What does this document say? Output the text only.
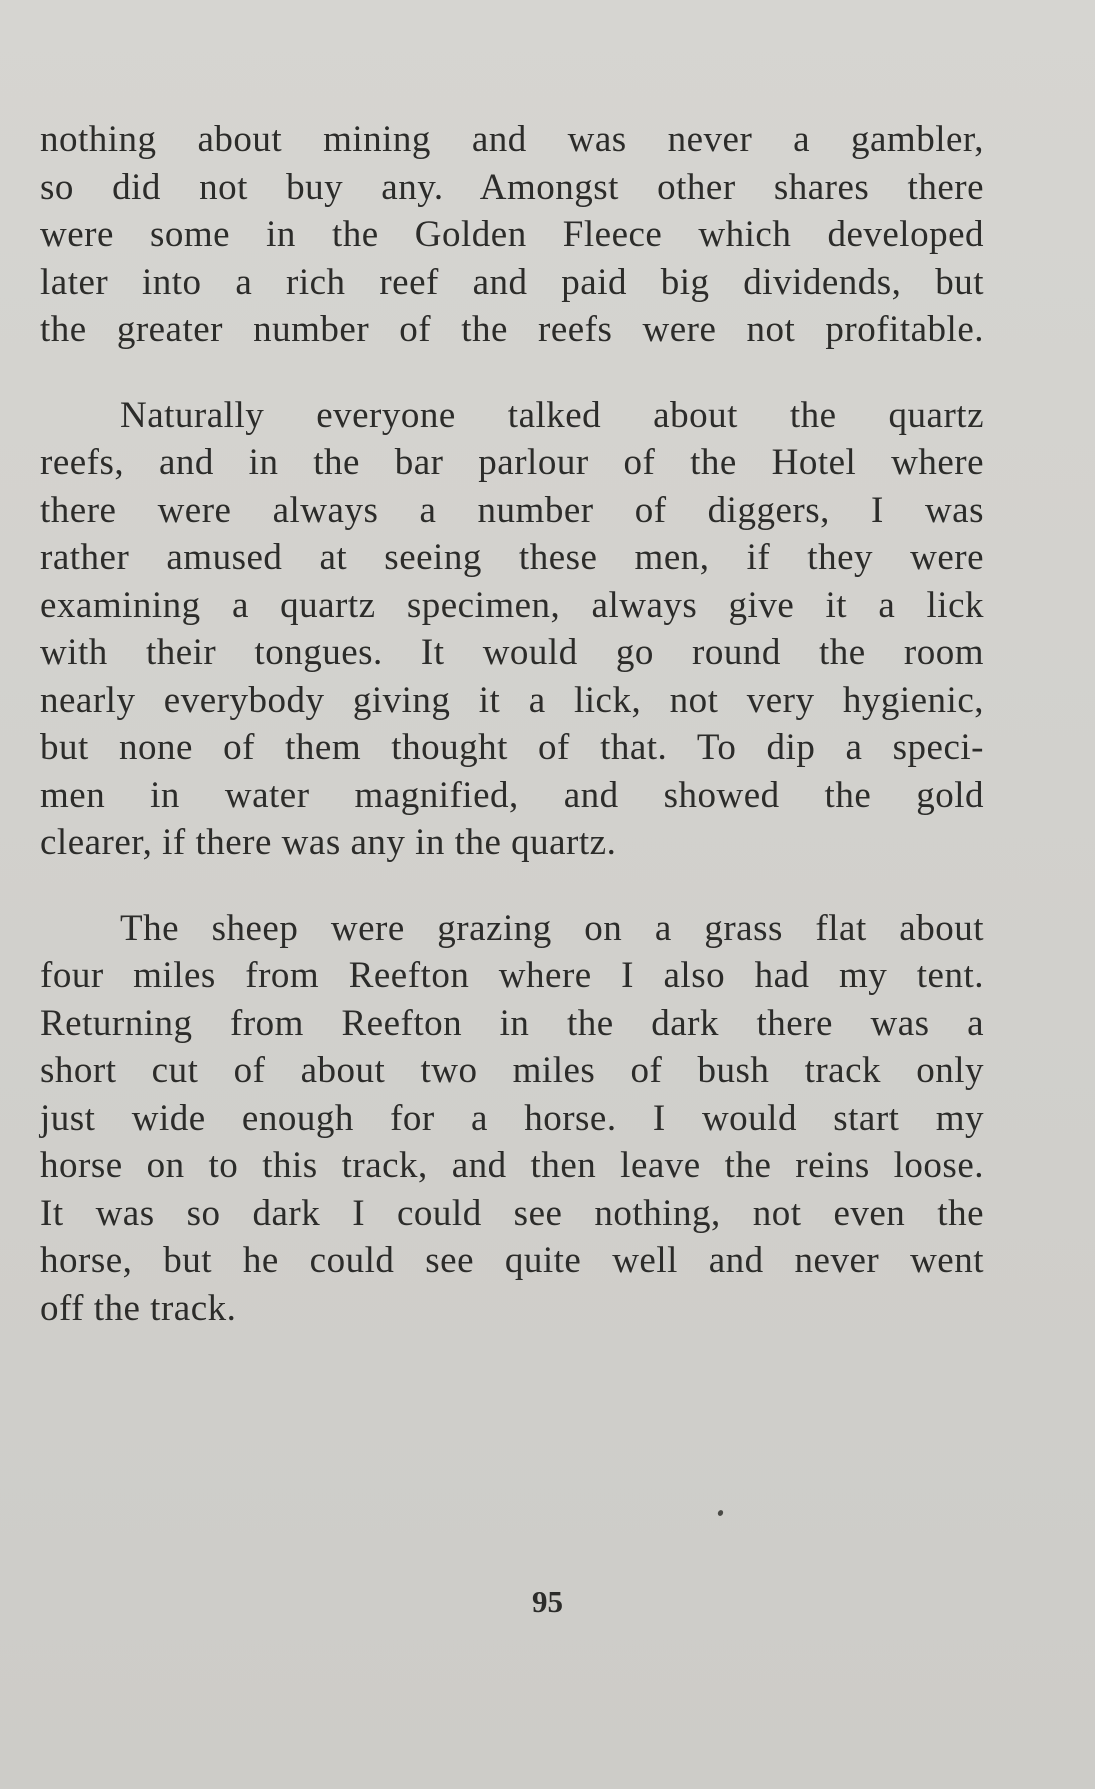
nothing about mining and was never a gambler,
so did not buy any. Amongst other shares there
were some in the Golden Fleece which developed
later into a rich reef and paid big dividends, but
the greater number of the reefs were not profitable.
Naturally everyone talked about the quartz
reefs, and in the bar parlour of the Hotel where
there were always a number of diggers, I was
rather amused at seeing these men, if they were
examining a quartz specimen, always give it a lick
with their tongues. It would go round the room
nearly everybody giving it a lick, not very hygienic,
but none of them thought of that. To dip a speci-
men in water magnified, and showed the gold
clearer, if there was any in the quartz.
The sheep were grazing on a grass flat about
four miles from Reefton where I also had my tent.
Returning from Reefton in the dark there was a
short cut of about two miles of bush track only
just wide enough for a horse. I would start my
horse on to this track, and then leave the reins loose.
It was so dark I could see nothing, not even the
horse, but he could see quite well and never went
off the track.
95
